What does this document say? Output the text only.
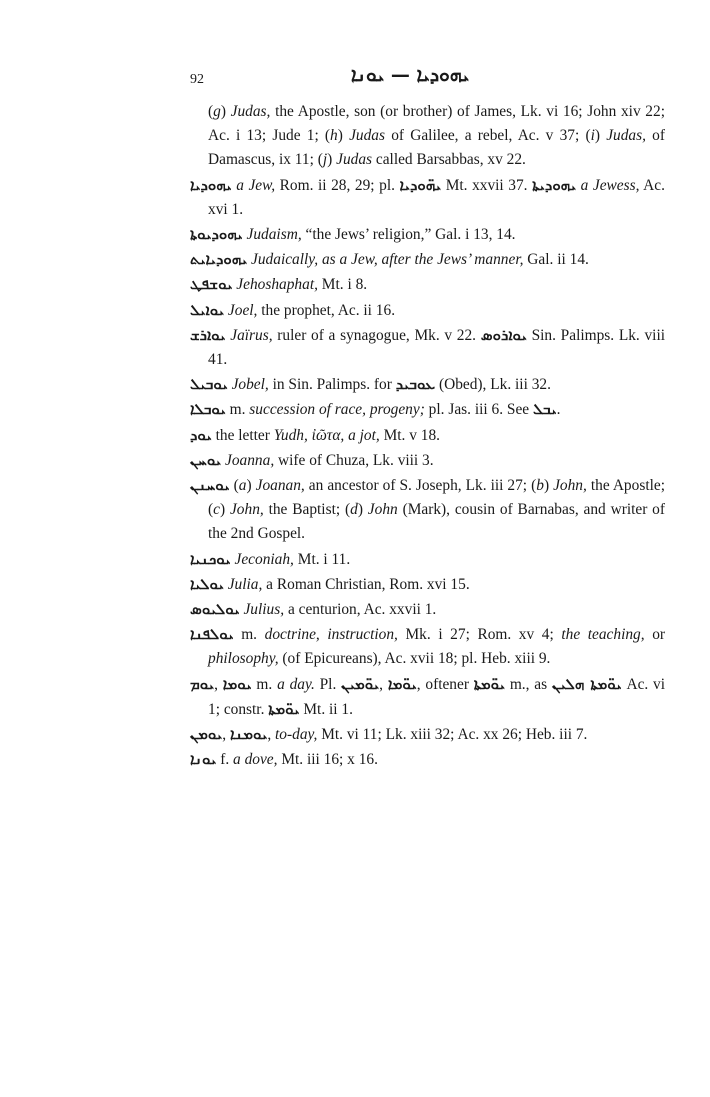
92	ܝܗܘܕܝܐ — ܝܘܢܐ

(g) Judas, the Apostle, son (or brother) of James, Lk. vi 16; John xiv 22; Ac. i 13; Jude 1; (h) Judas of Galilee, a rebel, Ac. v 37; (i) Judas, of Damascus, ix 11; (j) Judas called Barsabbas, xv 22.

ܝܗܘܕܝܐ a Jew, Rom. ii 28, 29; pl. ܝܗ̈ܘܕܝܐ Mt. xxvii 37. ܝܗܘܕܝܬܐ a Jewess, Ac. xvi 1.

ܝܗܘܕܝܘܬܐ Judaism, “the Jews’ religion,” Gal. i 13, 14.

ܝܗܘܕܝܐܝܬ Judaically, as a Jew, after the Jews’ manner, Gal. ii 14.

ܝܘܫܦܛ Jehoshaphat, Mt. i 8.

ܝܘܐܝܠ Joel, the prophet, Ac. ii 16.

ܝܘܐܪܫ Jaïrus, ruler of a synagogue, Mk. v 22. ܝܘܐܪܘܣ Sin. Palimps. Lk. viii 41.

ܝܘܒܝܠ Jobel, in Sin. Palimps. for ܥܘܒܝܕ (Obed), Lk. iii 32.

ܝܘܒܠܐ m. succession of race, progeny; pl. Jas. iii 6. See ܝܒܠ.

ܝܘܕ the letter Yudh, ἰῶτα, a jot, Mt. v 18.

ܝܘܚܢ Joanna, wife of Chuza, Lk. viii 3.

ܝܘܚܢܢ (a) Joanan, an ancestor of S. Joseph, Lk. iii 27; (b) John, the Apostle; (c) John, the Baptist; (d) John (Mark), cousin of Barnabas, and writer of the 2nd Gospel.

ܝܘܟܢܝܐ Jeconiah, Mt. i 11.

ܝܘܠܝܐ Julia, a Roman Christian, Rom. xvi 15.

ܝܘܠܝܘܣ Julius, a centurion, Ac. xxvii 1.

ܝܘܠܦܢܐ m. doctrine, instruction, Mk. i 27; Rom. xv 4; the teaching, or philosophy, (of Epicureans), Ac. xvii 18; pl. Heb. xiii 9.

ܝܘܡ, ܝܘܡܐ m. a day. Pl. ܝܘ̈ܡܝܢ, ܝܘ̈ܡܐ, oftener ܝܘ̈ܡܬܐ m., as ܝܘ̈ܡܬܐ ܗܠܝܢ Ac. vi 1; constr. ܝܘ̈ܡܬܐ Mt. ii 1.

ܝܘܡܢ, ܝܘܡܢܐ, to-day, Mt. vi 11; Lk. xiii 32; Ac. xx 26; Heb. iii 7.

ܝܘܢܐ f. a dove, Mt. iii 16; x 16.
